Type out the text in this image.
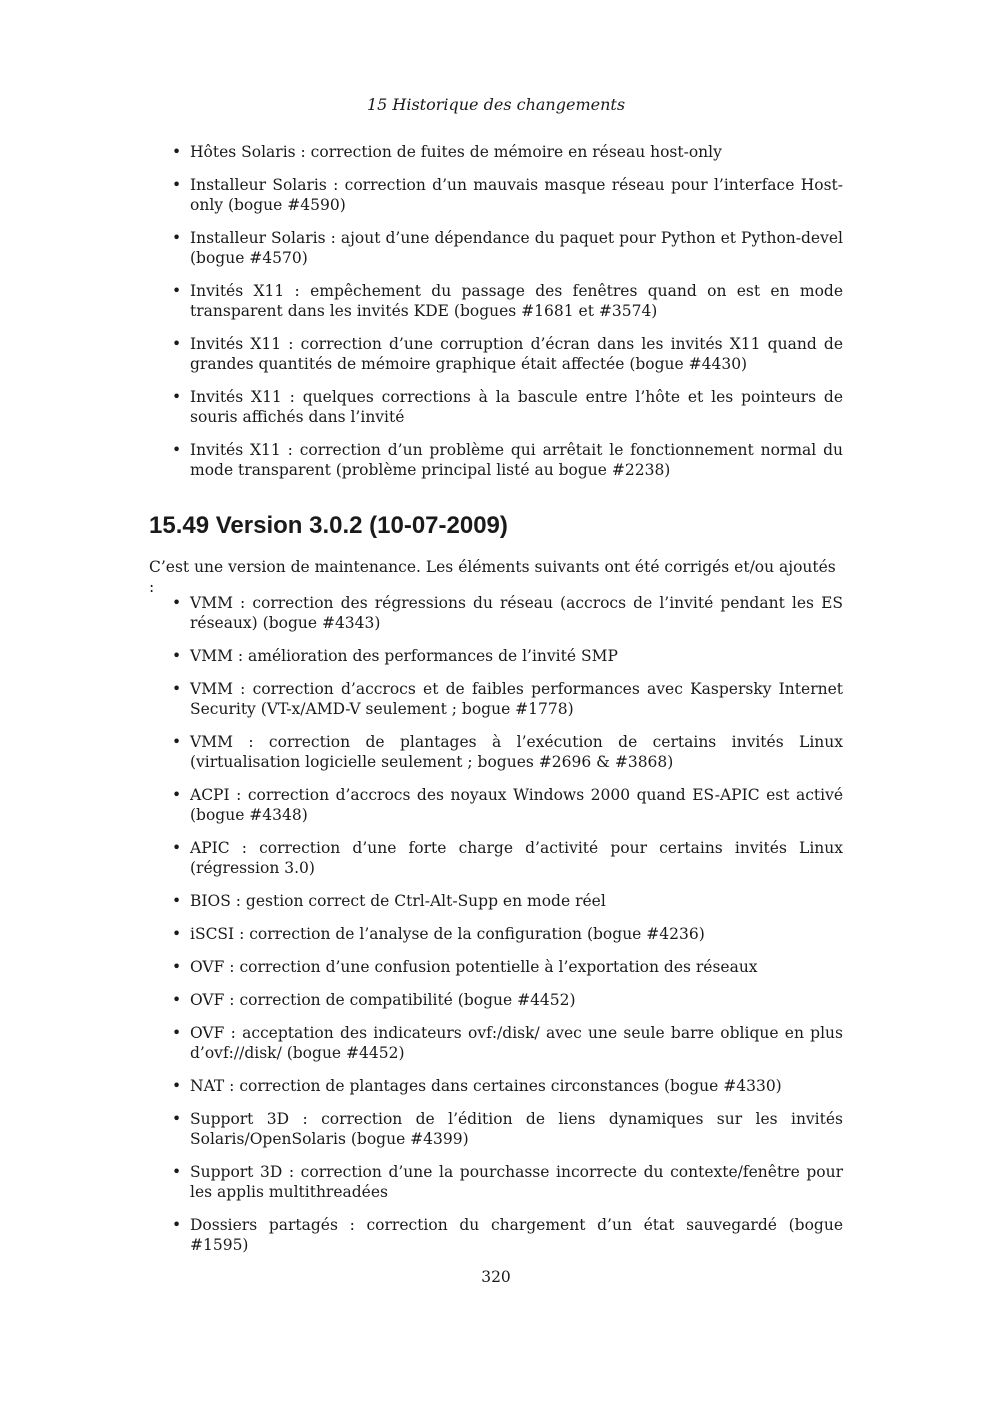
15 Historique des changements
• Hôtes Solaris : correction de fuites de mémoire en réseau host-only
• Installeur Solaris : correction d’un mauvais masque réseau pour l’interface Host-only (bogue #4590)
• Installeur Solaris : ajout d’une dépendance du paquet pour Python et Python-devel (bogue #4570)
• Invités X11 : empêchement du passage des fenêtres quand on est en mode transparent dans les invités KDE (bogues #1681 et #3574)
• Invités X11 : correction d’une corruption d’écran dans les invités X11 quand de grandes quantités de mémoire graphique était affectée (bogue #4430)
• Invités X11 : quelques corrections à la bascule entre l’hôte et les pointeurs de souris affichés dans l’invité
• Invités X11 : correction d’un problème qui arrêtait le fonctionnement normal du mode transparent (problème principal listé au bogue #2238)
15.49 Version 3.0.2 (10-07-2009)

C’est une version de maintenance. Les éléments suivants ont été corrigés et/ou ajoutés :

• VMM : correction des régressions du réseau (accrocs de l’invité pendant les ES réseaux) (bogue #4343)
• VMM : amélioration des performances de l’invité SMP
• VMM : correction d’accrocs et de faibles performances avec Kaspersky Internet Security (VT-x/AMD-V seulement ; bogue #1778)
• VMM : correction de plantages à l’exécution de certains invités Linux (virtualisation logicielle seulement ; bogues #2696 & #3868)
• ACPI : correction d’accrocs des noyaux Windows 2000 quand ES-APIC est activé (bogue #4348)
• APIC : correction d’une forte charge d’activité pour certains invités Linux (régression 3.0)
• BIOS : gestion correct de Ctrl-Alt-Supp en mode réel
• iSCSI : correction de l’analyse de la configuration (bogue #4236)
• OVF : correction d’une confusion potentielle à l’exportation des réseaux
• OVF : correction de compatibilité (bogue #4452)
• OVF : acceptation des indicateurs ovf:/disk/ avec une seule barre oblique en plus d’ovf://disk/ (bogue #4452)
• NAT : correction de plantages dans certaines circonstances (bogue #4330)
• Support 3D : correction de l’édition de liens dynamiques sur les invités Solaris/OpenSolaris (bogue #4399)
• Support 3D : correction d’une la pourchasse incorrecte du contexte/fenêtre pour les applis multithreadées
• Dossiers partagés : correction du chargement d’un état sauvegardé (bogue #1595)
320
